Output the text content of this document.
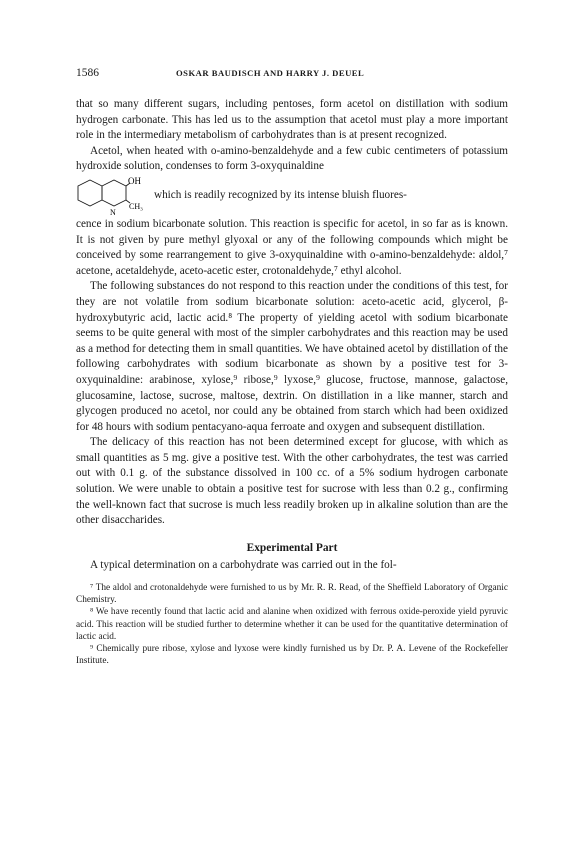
1586	OSKAR BAUDISCH AND HARRY J. DEUEL

that so many different sugars, including pentoses, form acetol on distillation with sodium hydrogen carbonate. This has led us to the assumption that acetol must play a more important role in the intermediary metabolism of carbohydrates than is at present recognized.

Acetol, when heated with o-amino-benzaldehyde and a few cubic centimeters of potassium hydroxide solution, condenses to form 3-oxyquinaldine

OH
N
CH₃
which is readily recognized by its intense bluish fluores-

cence in sodium bicarbonate solution. This reaction is specific for acetol, in so far as is known. It is not given by pure methyl glyoxal or any of the following compounds which might be conceived by some rearrangement to give 3-oxyquinaldine with o-amino-benzaldehyde: aldol,⁷ acetone, acetaldehyde, aceto-acetic ester, crotonaldehyde,⁷ ethyl alcohol.

The following substances do not respond to this reaction under the conditions of this test, for they are not volatile from sodium bicarbonate solution: aceto-acetic acid, glycerol, β-hydroxybutyric acid, lactic acid.⁸ The property of yielding acetol with sodium bicarbonate seems to be quite general with most of the simpler carbohydrates and this reaction may be used as a method for detecting them in small quantities. We have obtained acetol by distillation of the following carbohydrates with sodium bicarbonate as shown by a positive test for 3-oxyquinaldine: arabinose, xylose,⁹ ribose,⁹ lyxose,⁹ glucose, fructose, mannose, galactose, glucosamine, lactose, sucrose, maltose, dextrin. On distillation in a like manner, starch and glycogen produced no acetol, nor could any be obtained from starch which had been oxidized for 48 hours with sodium pentacyano-aqua ferroate and oxygen and subsequent distillation.

The delicacy of this reaction has not been determined except for glucose, with which as small quantities as 5 mg. give a positive test. With the other carbohydrates, the test was carried out with 0.1 g. of the substance dissolved in 100 cc. of a 5% sodium hydrogen carbonate solution. We were unable to obtain a positive test for sucrose with less than 0.2 g., confirming the well-known fact that sucrose is much less readily broken up in alkaline solution than are the other disaccharides.

Experimental Part

A typical determination on a carbohydrate was carried out in the fol-

⁷ The aldol and crotonaldehyde were furnished to us by Mr. R. R. Read, of the Sheffield Laboratory of Organic Chemistry.

⁸ We have recently found that lactic acid and alanine when oxidized with ferrous oxide-peroxide yield pyruvic acid. This reaction will be studied further to determine whether it can be used for the quantitative determination of lactic acid.

⁹ Chemically pure ribose, xylose and lyxose were kindly furnished us by Dr. P. A. Levene of the Rockefeller Institute.
